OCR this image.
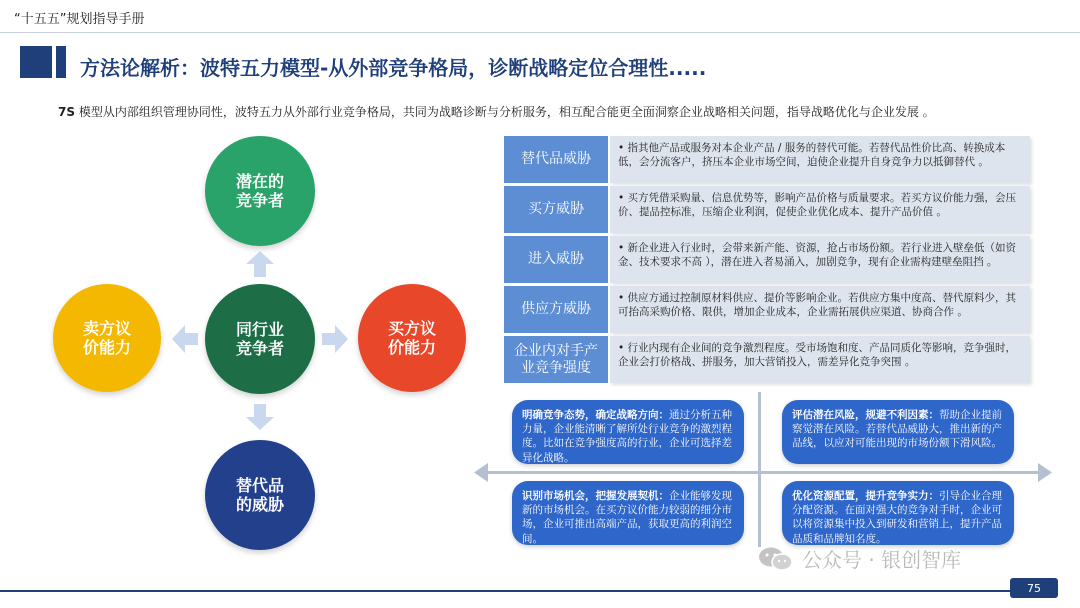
“十五五”规划指导手册
方法论解析：波特五力模型-从外部竞争格局，诊断战略定位合理性.....
7S 模型从内部组织管理协同性，波特五力从外部行业竞争格局，共同为战略诊断与分析服务，相互配合能更全面洞察企业战略相关问题，指导战略优化与企业发展 。
潜在的
竞争者
卖方议
价能力
同行业
竞争者
买方议
价能力
替代品
的威胁
替代品威胁
• 指其他产品或服务对本企业产品 / 服务的替代可能。若替代品性价比高、转换成本低，会分流客户，挤压本企业市场空间，迫使企业提升自身竞争力以抵御替代 。
买方威胁
• 买方凭借采购量、信息优势等，影响产品价格与质量要求。若买方议价能力强，会压价、提品控标准，压缩企业利润，促使企业优化成本、提升产品价值 。
进入威胁
• 新企业进入行业时，会带来新产能、资源，抢占市场份额。若行业进入壁垒低（如资金、技术要求不高 ），潜在进入者易涌入，加剧竞争，现有企业需构建壁垒阻挡 。
供应方威胁
• 供应方通过控制原材料供应、提价等影响企业。若供应方集中度高、替代原料少，其可抬高采购价格、限供，增加企业成本，企业需拓展供应渠道、协商合作 。
企业内对手产
业竞争强度
• 行业内现有企业间的竞争激烈程度。受市场饱和度、产品同质化等影响，竞争强时，企业会打价格战、拼服务，加大营销投入，需差异化竞争突围 。
明确竞争态势，确定战略方向：通过分析五种力量，企业能清晰了解所处行业竞争的激烈程度。比如在竞争强度高的行业，企业可选择差异化战略。
评估潜在风险，规避不利因素：帮助企业提前察觉潜在风险。若替代品威胁大，推出新的产品线，以应对可能出现的市场份额下滑风险。
识别市场机会，把握发展契机：企业能够发现新的市场机会。在买方议价能力较弱的细分市场，企业可推出高端产品，获取更高的利润空间。
优化资源配置，提升竞争实力：引导企业合理分配资源。在面对强大的竞争对手时，企业可以将资源集中投入到研发和营销上，提升产品品质和品牌知名度。
公众号 · 银创智库
75
